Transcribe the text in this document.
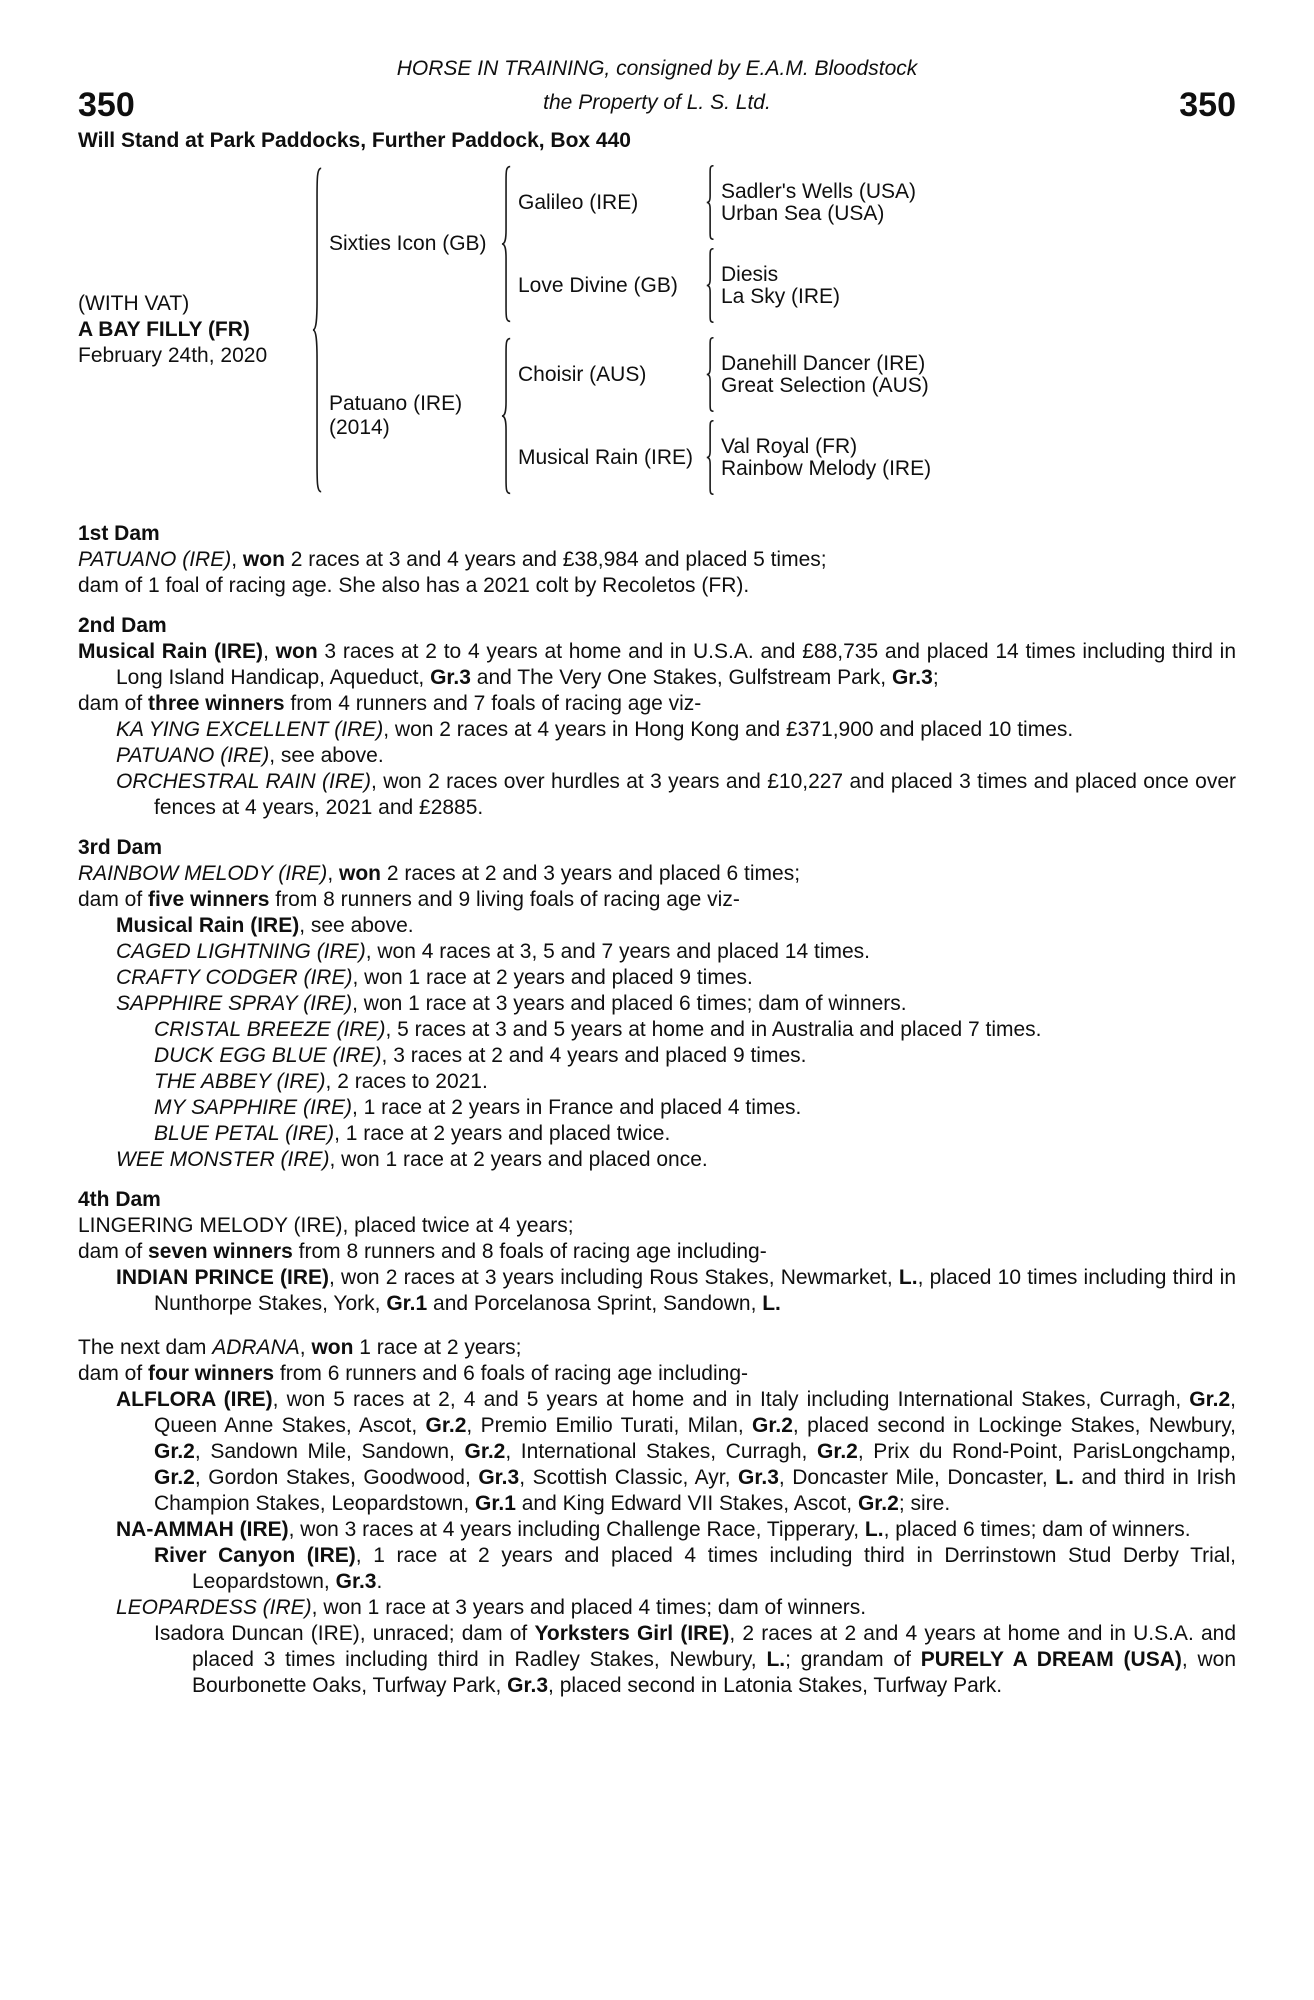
350
HORSE IN TRAINING, consigned by E.A.M. Bloodstock
the Property of L. S. Ltd.	350
Will Stand at Park Paddocks, Further Paddock, Box 440
(WITH VAT)
A BAY FILLY (FR)
February 24th, 2020
Sixties Icon (GB)
Galileo (IRE)	Sadler's Wells (USA)
Urban Sea (USA)
Love Divine (GB)	Diesis
La Sky (IRE)
Patuano (IRE)
(2014)
Choisir (AUS)	Danehill Dancer (IRE)
Great Selection (AUS)
Musical Rain (IRE)	Val Royal (FR)
Rainbow Melody (IRE)
1st Dam
PATUANO (IRE), won 2 races at 3 and 4 years and £38,984 and placed 5 times;
dam of 1 foal of racing age. She also has a 2021 colt by Recoletos (FR).
2nd Dam
Musical Rain (IRE), won 3 races at 2 to 4 years at home and in U.S.A. and £88,735 and placed 14 times including third in Long Island Handicap, Aqueduct, Gr.3 and The Very One Stakes, Gulfstream Park, Gr.3;
dam of three winners from 4 runners and 7 foals of racing age viz-
KA YING EXCELLENT (IRE), won 2 races at 4 years in Hong Kong and £371,900 and placed 10 times.
PATUANO (IRE), see above.
ORCHESTRAL RAIN (IRE), won 2 races over hurdles at 3 years and £10,227 and placed 3 times and placed once over fences at 4 years, 2021 and £2885.
3rd Dam
RAINBOW MELODY (IRE), won 2 races at 2 and 3 years and placed 6 times;
dam of five winners from 8 runners and 9 living foals of racing age viz-
Musical Rain (IRE), see above.
CAGED LIGHTNING (IRE), won 4 races at 3, 5 and 7 years and placed 14 times.
CRAFTY CODGER (IRE), won 1 race at 2 years and placed 9 times.
SAPPHIRE SPRAY (IRE), won 1 race at 3 years and placed 6 times; dam of winners.
CRISTAL BREEZE (IRE), 5 races at 3 and 5 years at home and in Australia and placed 7 times.
DUCK EGG BLUE (IRE), 3 races at 2 and 4 years and placed 9 times.
THE ABBEY (IRE), 2 races to 2021.
MY SAPPHIRE (IRE), 1 race at 2 years in France and placed 4 times.
BLUE PETAL (IRE), 1 race at 2 years and placed twice.
WEE MONSTER (IRE), won 1 race at 2 years and placed once.
4th Dam
LINGERING MELODY (IRE), placed twice at 4 years;
dam of seven winners from 8 runners and 8 foals of racing age including-
INDIAN PRINCE (IRE), won 2 races at 3 years including Rous Stakes, Newmarket, L., placed 10 times including third in Nunthorpe Stakes, York, Gr.1 and Porcelanosa Sprint, Sandown, L.
The next dam ADRANA, won 1 race at 2 years;
dam of four winners from 6 runners and 6 foals of racing age including-
ALFLORA (IRE), won 5 races at 2, 4 and 5 years at home and in Italy including International Stakes, Curragh, Gr.2, Queen Anne Stakes, Ascot, Gr.2, Premio Emilio Turati, Milan, Gr.2, placed second in Lockinge Stakes, Newbury, Gr.2, Sandown Mile, Sandown, Gr.2, International Stakes, Curragh, Gr.2, Prix du Rond-Point, ParisLongchamp, Gr.2, Gordon Stakes, Goodwood, Gr.3, Scottish Classic, Ayr, Gr.3, Doncaster Mile, Doncaster, L. and third in Irish Champion Stakes, Leopardstown, Gr.1 and King Edward VII Stakes, Ascot, Gr.2; sire.
NA-AMMAH (IRE), won 3 races at 4 years including Challenge Race, Tipperary, L., placed 6 times; dam of winners.
River Canyon (IRE), 1 race at 2 years and placed 4 times including third in Derrinstown Stud Derby Trial, Leopardstown, Gr.3.
LEOPARDESS (IRE), won 1 race at 3 years and placed 4 times; dam of winners.
Isadora Duncan (IRE), unraced; dam of Yorksters Girl (IRE), 2 races at 2 and 4 years at home and in U.S.A. and placed 3 times including third in Radley Stakes, Newbury, L.; grandam of PURELY A DREAM (USA), won Bourbonette Oaks, Turfway Park, Gr.3, placed second in Latonia Stakes, Turfway Park.
